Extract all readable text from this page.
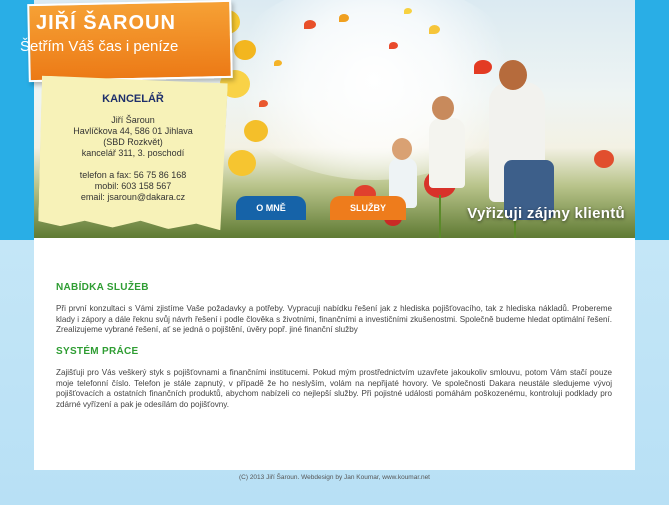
Vyřizuji zájmy klientů
JIŘÍ ŠAROUN
Šetřím Váš čas i peníze
KANCELÁŘ
Jiří Šaroun
Havlíčkova 44, 586 01 Jihlava
(SBD Rozkvět)
kancelář 311, 3. poschodí
telefon a fax: 56 75 86 168
mobil: 603 158 567
email: jsaroun@dakara.cz
O MNĚ	SLUŽBY
NABÍDKA SLUŽEB

Při první konzultaci s Vámi zjistíme Vaše požadavky a potřeby. Vypracuji nabídku řešení jak z hlediska pojišťovacího, tak z hlediska nákladů. Probereme klady i zápory a dále řeknu svůj návrh řešení i podle člověka s životními, finančními a investičními zkušenostmi. Společně budeme hledat optimální řešení. Zrealizujeme vybrané řešení, ať se jedná o pojištění, úvěry popř. jiné finanční služby

SYSTÉM PRÁCE

Zajišťuji pro Vás veškerý styk s pojišťovnami a finančními institucemi. Pokud mým prostřednictvím uzavřete jakoukoliv smlouvu, potom Vám stačí pouze moje telefonní číslo. Telefon je stále zapnutý, v případě že ho neslyším, volám na nepřijaté hovory. Ve společnosti Dakara neustále sledujeme vývoj pojišťovacích a ostatních finančních produktů, abychom nabízeli co nejlepší služby. Při pojistné události pomáhám poškozenému, kontroluji podklady pro zdárné vyřízení a pak je odesílám do pojišťovny.

(C) 2013 Jiří Šaroun. Webdesign by Jan Koumar, www.koumar.net
